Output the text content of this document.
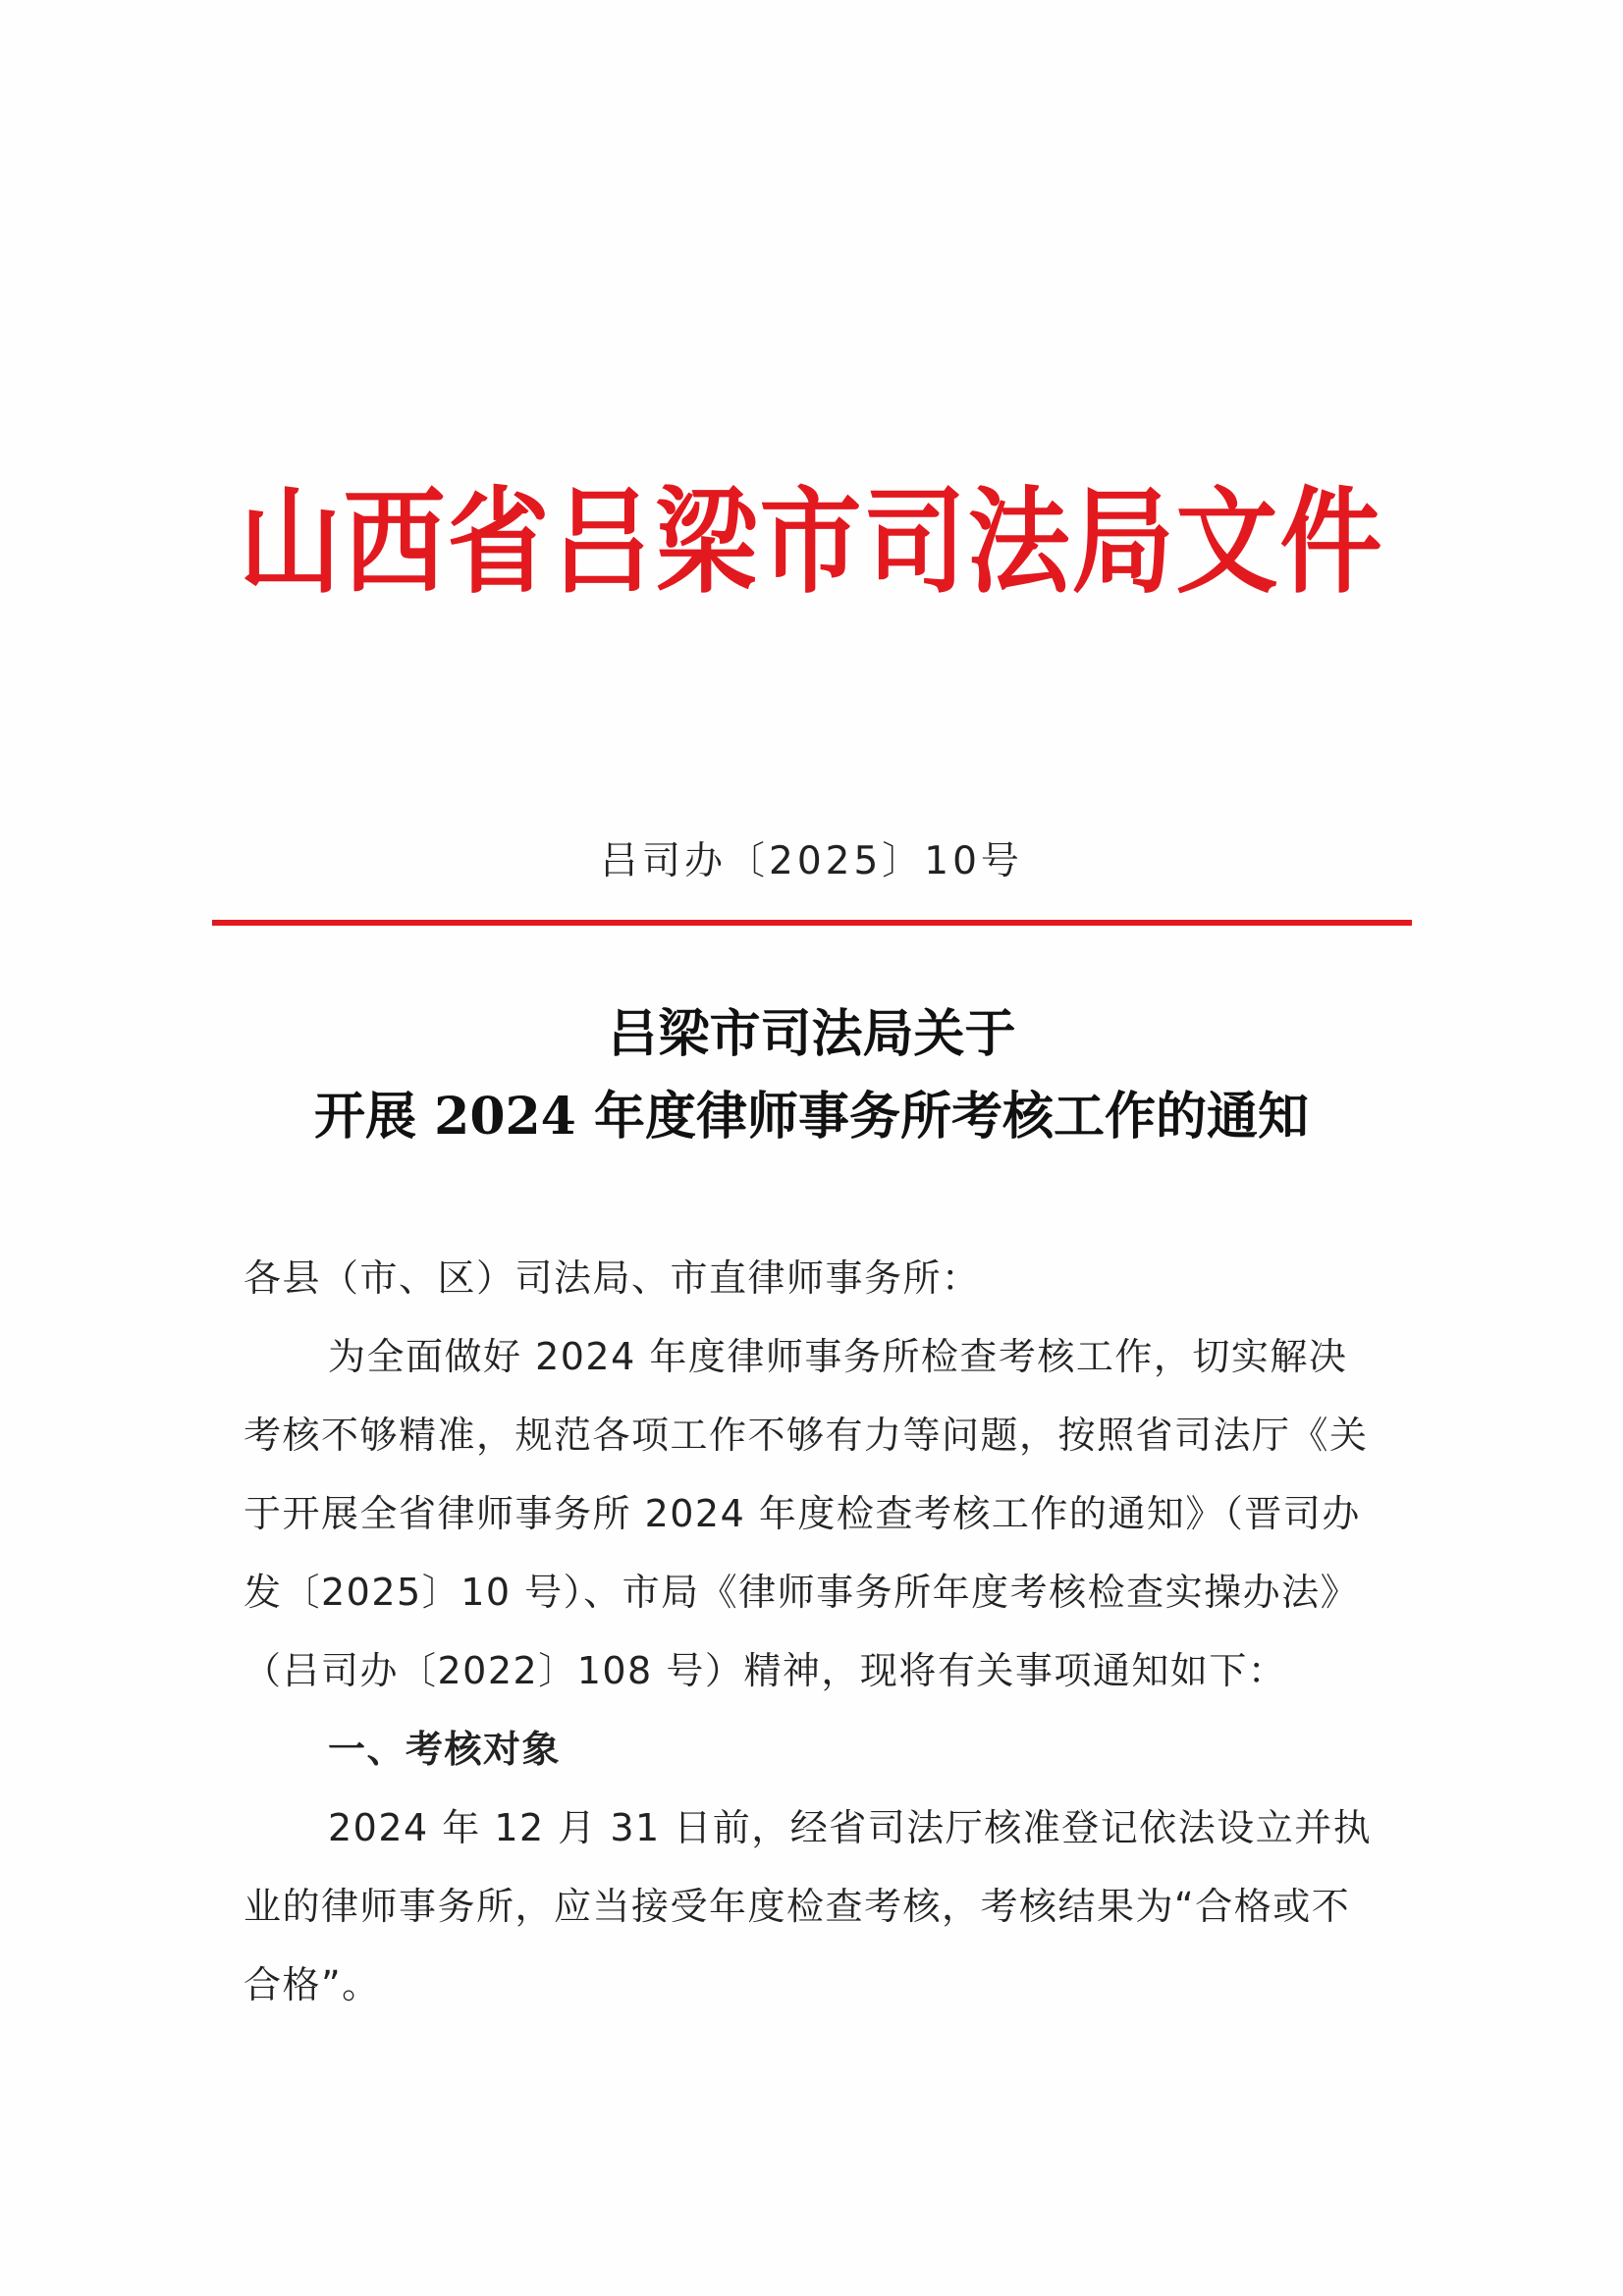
山西省吕梁市司法局文件
吕司办〔2025〕10号
吕梁市司法局关于
开展 2024 年度律师事务所考核工作的通知

各县（市、区）司法局、市直律师事务所：

为全面做好 2024 年度律师事务所检查考核工作，切实解决考核不够精准，规范各项工作不够有力等问题，按照省司法厅《关于开展全省律师事务所 2024 年度检查考核工作的通知》（晋司办发〔2025〕10 号）、市局《律师事务所年度考核检查实操办法》（吕司办〔2022〕108 号）精神，现将有关事项通知如下：

一、考核对象

2024 年 12 月 31 日前，经省司法厅核准登记依法设立并执业的律师事务所，应当接受年度检查考核，考核结果为“合格或不合格”。
